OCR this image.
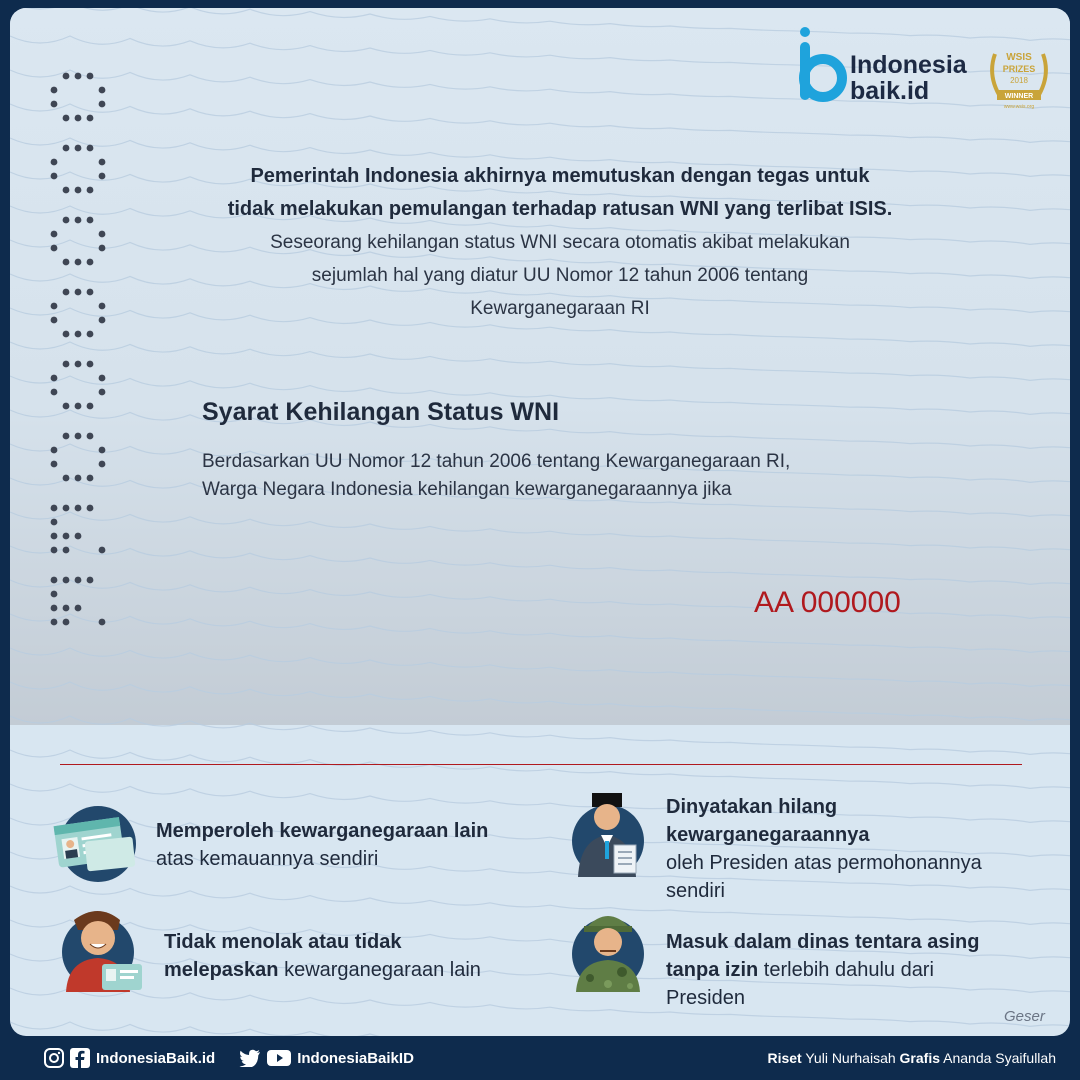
Indonesia
baik.id
WSIS
PRIZES
2018
WINNER
www.wsis.org
Pemerintah Indonesia akhirnya memutuskan dengan tegas untuk
tidak melakukan pemulangan terhadap ratusan WNI yang terlibat ISIS.
Seseorang kehilangan status WNI secara otomatis akibat melakukan
sejumlah hal yang diatur UU Nomor 12 tahun 2006 tentang
Kewarganegaraan RI
Syarat Kehilangan Status WNI
Berdasarkan UU Nomor 12 tahun 2006 tentang Kewarganegaraan RI,
Warga Negara Indonesia kehilangan kewarganegaraannya jika
AA 000000
Memperoleh kewarganegaraan lain
atas kemauannya sendiri
Dinyatakan hilang
kewarganegaraannya
oleh Presiden atas permohonannya
sendiri
Tidak menolak atau tidak
melepaskan kewarganegaraan lain
Masuk dalam dinas tentara asing
tanpa izin terlebih dahulu dari
Presiden
Geser
IndonesiaBaik.id	IndonesiaBaikID	Riset Yuli Nurhaisah Grafis Ananda Syaifullah
